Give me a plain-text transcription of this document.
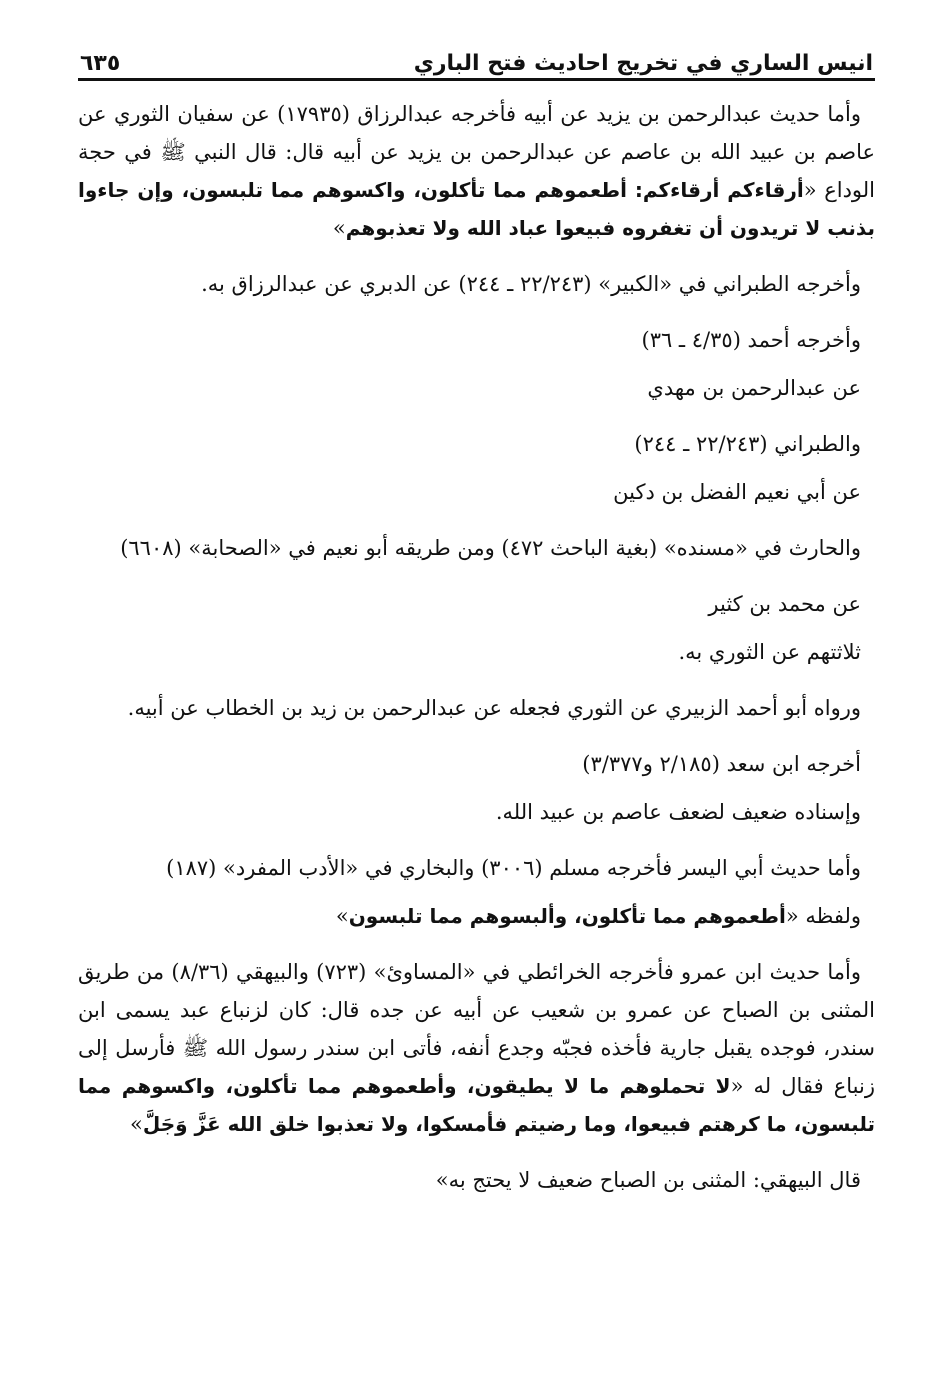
انيس الساري في تخريج احاديث فتح الباري
٦٣٥

وأما حديث عبدالرحمن بن يزيد عن أبيه فأخرجه عبدالرزاق (١٧٩٣٥) عن سفيان الثوري عن عاصم بن عبيد الله بن عاصم عن عبدالرحمن بن يزيد عن أبيه قال: قال النبي ﷺ في حجة الوداع «أرقاءكم أرقاءكم: أطعموهم مما تأكلون، واكسوهم مما تلبسون، وإن جاءوا بذنب لا تريدون أن تغفروه فبيعوا عباد الله ولا تعذبوهم»

وأخرجه الطبراني في «الكبير» (٢٢/٢٤٣ ـ ٢٤٤) عن الدبري عن عبدالرزاق به.

وأخرجه أحمد (٤/٣٥ ـ ٣٦)

عن عبدالرحمن بن مهدي

والطبراني (٢٢/٢٤٣ ـ ٢٤٤)

عن أبي نعيم الفضل بن دكين

والحارث في «مسنده» (بغية الباحث ٤٧٢) ومن طريقه أبو نعيم في «الصحابة» (٦٦٠٨)

عن محمد بن كثير

ثلاثتهم عن الثوري به.

ورواه أبو أحمد الزبيري عن الثوري فجعله عن عبدالرحمن بن زيد بن الخطاب عن أبيه.

أخرجه ابن سعد (٢/١٨٥ و٣/٣٧٧)

وإسناده ضعيف لضعف عاصم بن عبيد الله.

وأما حديث أبي اليسر فأخرجه مسلم (٣٠٠٦) والبخاري في «الأدب المفرد» (١٨٧)

ولفظه «أطعموهم مما تأكلون، وألبسوهم مما تلبسون»

وأما حديث ابن عمرو فأخرجه الخرائطي في «المساوئ» (٧٢٣) والبيهقي (٨/٣٦) من طريق المثنى بن الصباح عن عمرو بن شعيب عن أبيه عن جده قال: كان لزنباع عبد يسمى ابن سندر، فوجده يقبل جارية فأخذه فجبّه وجدع أنفه، فأتى ابن سندر رسول الله ﷺ فأرسل إلى زنباع فقال له «لا تحملوهم ما لا يطيقون، وأطعموهم مما تأكلون، واكسوهم مما تلبسون، ما كرهتم فبيعوا، وما رضيتم فأمسكوا، ولا تعذبوا خلق الله عَزَّ وَجَلَّ»

قال البيهقي: المثنى بن الصباح ضعيف لا يحتج به»
